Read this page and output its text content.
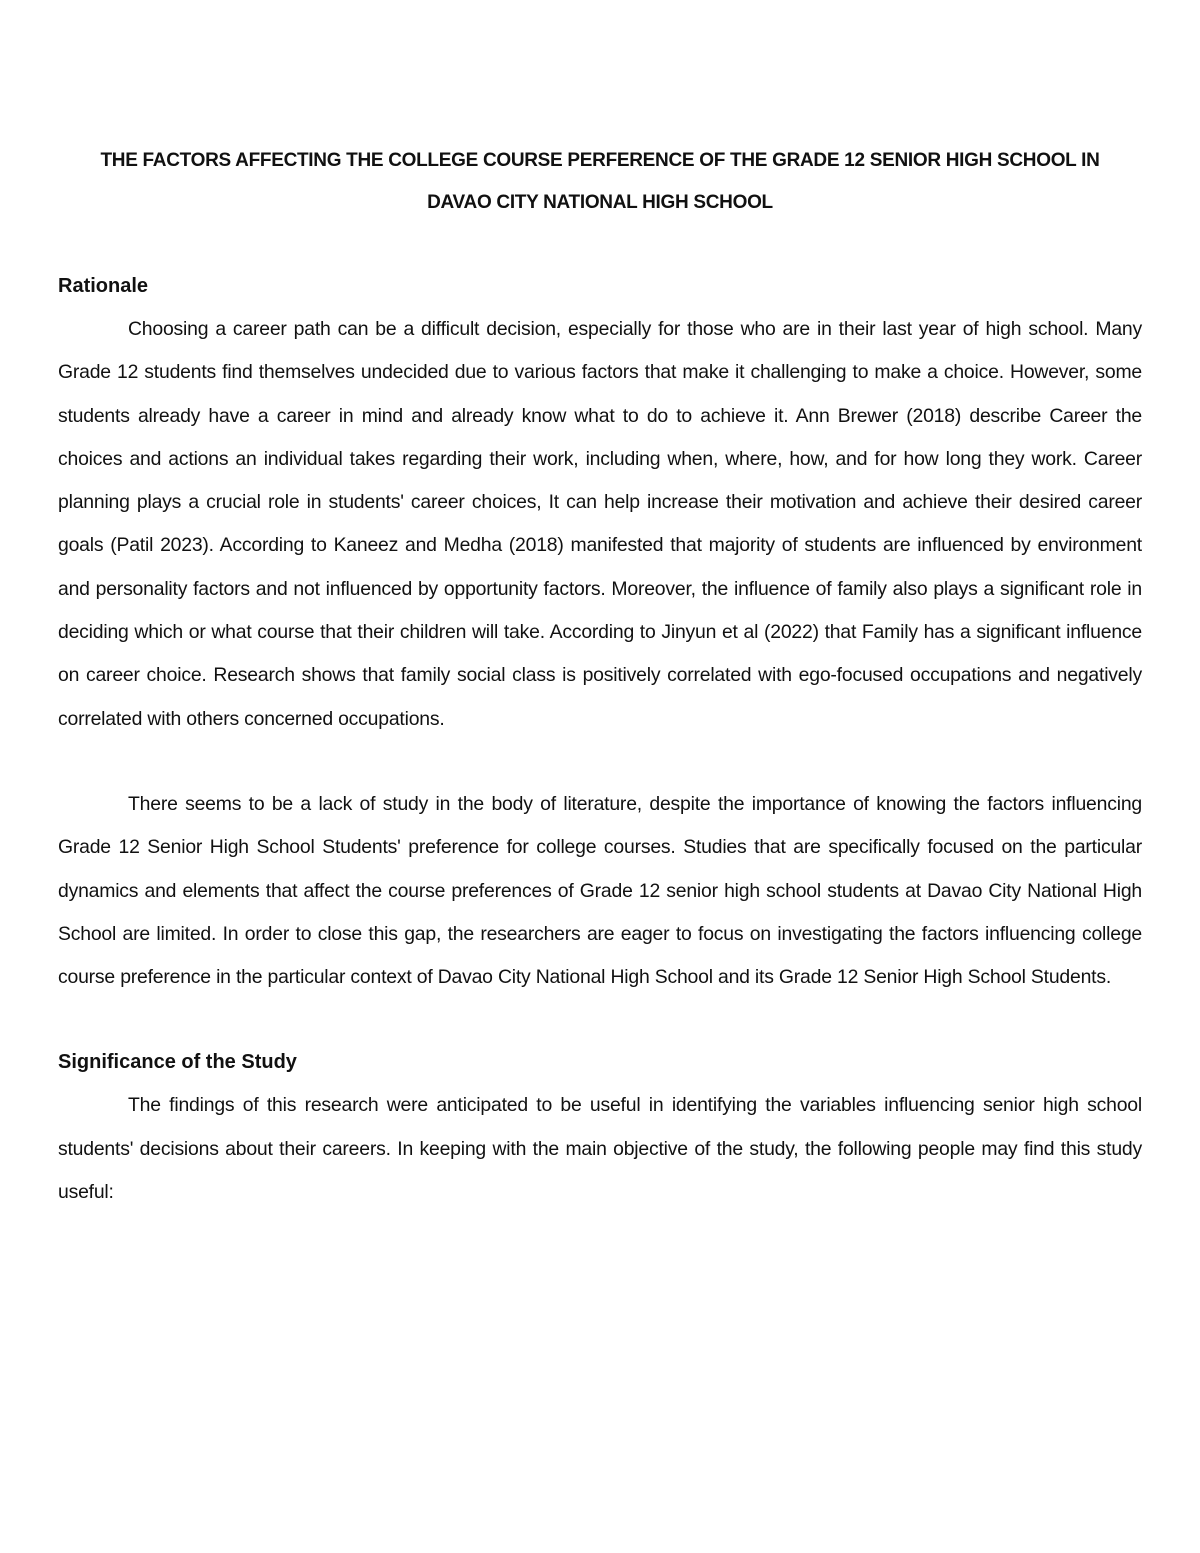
THE FACTORS AFFECTING THE COLLEGE COURSE PERFERENCE OF THE GRADE 12 SENIOR HIGH SCHOOL IN
DAVAO CITY NATIONAL HIGH SCHOOL
Rationale

Choosing a career path can be a difficult decision, especially for those who are in their last year of high school. Many Grade 12 students find themselves undecided due to various factors that make it challenging to make a choice. However, some students already have a career in mind and already know what to do to achieve it. Ann Brewer (2018) describe Career the choices and actions an individual takes regarding their work, including when, where, how, and for how long they work. Career planning plays a crucial role in students' career choices, It can help increase their motivation and achieve their desired career goals (Patil 2023). According to Kaneez and Medha (2018) manifested that majority of students are influenced by environment and personality factors and not influenced by opportunity factors. Moreover, the influence of family also plays a significant role in deciding which or what course that their children will take. According to Jinyun et al (2022) that Family has a significant influence on career choice. Research shows that family social class is positively correlated with ego-focused occupations and negatively correlated with others concerned occupations.

There seems to be a lack of study in the body of literature, despite the importance of knowing the factors influencing Grade 12 Senior High School Students' preference for college courses. Studies that are specifically focused on the particular dynamics and elements that affect the course preferences of Grade 12 senior high school students at Davao City National High School are limited. In order to close this gap, the researchers are eager to focus on investigating the factors influencing college course preference in the particular context of Davao City National High School and its Grade 12 Senior High School Students.

Significance of the Study

The findings of this research were anticipated to be useful in identifying the variables influencing senior high school students' decisions about their careers. In keeping with the main objective of the study, the following people may find this study useful:
